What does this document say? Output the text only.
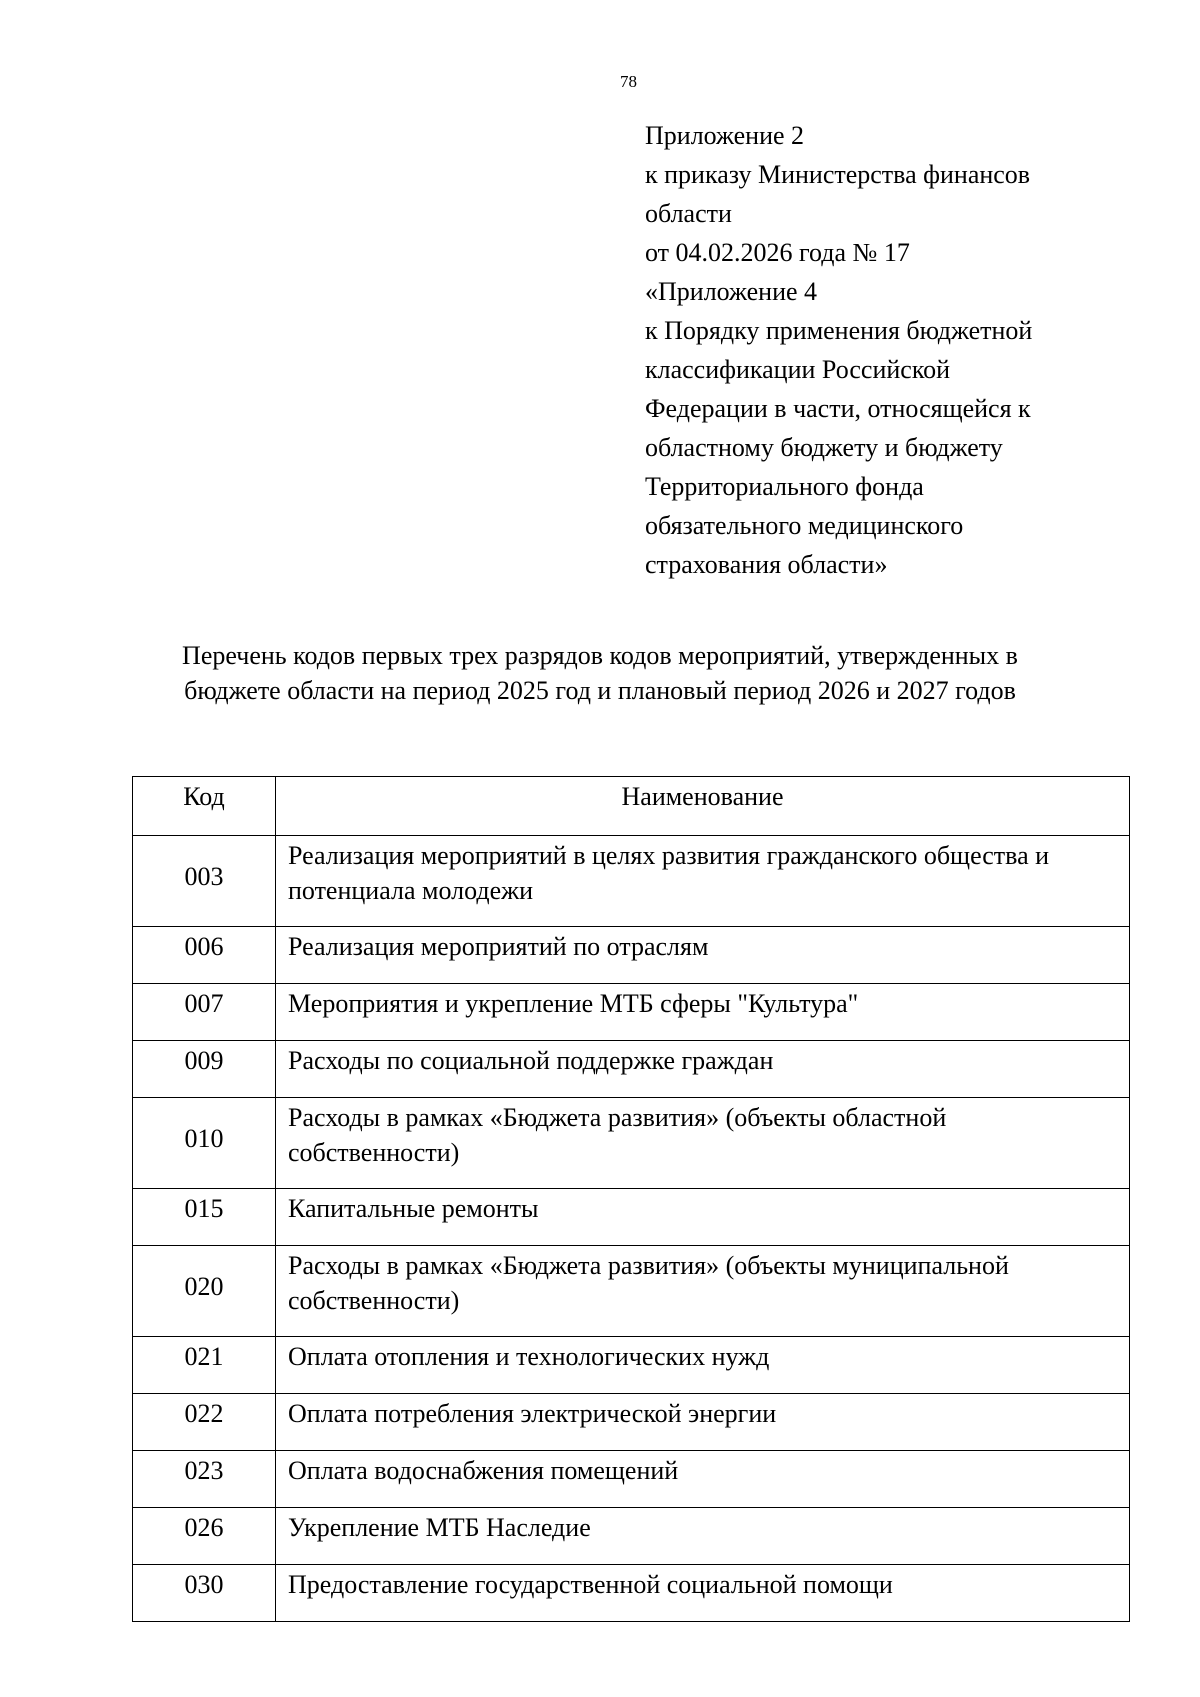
78
Приложение 2
к приказу Министерства финансов
области
от 04.02.2026 года № 17
«Приложение 4
к Порядку применения бюджетной
классификации Российской
Федерации в части, относящейся к
областному бюджету и бюджету
Территориального фонда
обязательного медицинского
страхования области»
Перечень кодов первых трех разрядов кодов мероприятий, утвержденных в
бюджете области на период 2025 год и плановый период 2026 и 2027 годов
Код	Наименование
003	Реализация мероприятий в целях развития гражданского общества и потенциала молодежи
006	Реализация мероприятий по отраслям
007	Мероприятия и укрепление МТБ сферы "Культура"
009	Расходы по социальной поддержке граждан
010	Расходы в рамках «Бюджета развития» (объекты областной собственности)
015	Капитальные ремонты
020	Расходы в рамках «Бюджета развития» (объекты муниципальной собственности)
021	Оплата отопления и технологических нужд
022	Оплата потребления электрической энергии
023	Оплата водоснабжения помещений
026	Укрепление МТБ Наследие
030	Предоставление государственной социальной помощи
